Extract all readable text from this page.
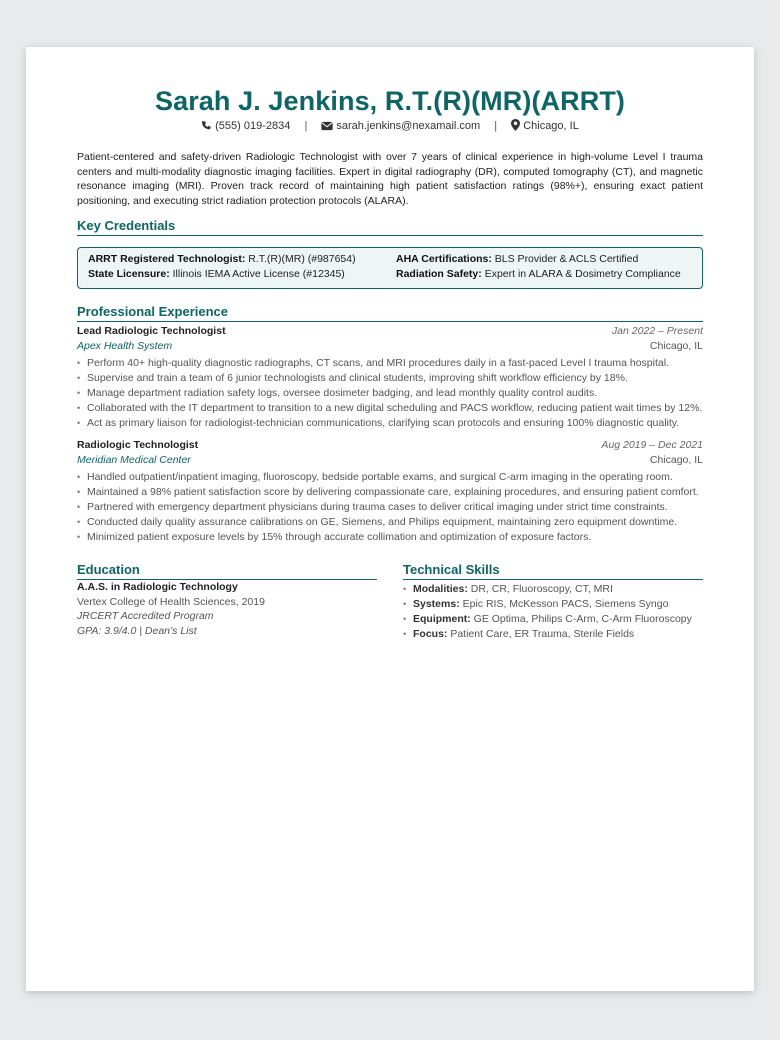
Sarah J. Jenkins, R.T.(R)(MR)(ARRT)
(555) 019-2834 |	sarah.jenkins@nexamail.com | Chicago, IL

Patient-centered and safety-driven Radiologic Technologist with over 7 years of clinical experience in high-volume Level I trauma centers and multi-modality diagnostic imaging facilities. Expert in digital radiography (DR), computed tomography (CT), and magnetic resonance imaging (MRI). Proven track record of maintaining high patient satisfaction ratings (98%+), ensuring exact patient positioning, and executing strict radiation protection protocols (ALARA).

Key Credentials
ARRT Registered Technologist: R.T.(R)(MR) (#987654)	AHA Certifications: BLS Provider & ACLS Certified
State Licensure: Illinois IEMA Active License (#12345)	Radiation Safety: Expert in ALARA & Dosimetry Compliance
Professional Experience
Lead Radiologic Technologist	Jan 2022 – Present
Apex Health System	Chicago, IL
• Perform 40+ high-quality diagnostic radiographs, CT scans, and MRI procedures daily in a fast-paced Level I trauma hospital.
• Supervise and train a team of 6 junior technologists and clinical students, improving shift workflow efficiency by 18%.
• Manage department radiation safety logs, oversee dosimeter badging, and lead monthly quality control audits.
• Collaborated with the IT department to transition to a new digital scheduling and PACS workflow, reducing patient wait times by 12%.
• Act as primary liaison for radiologist-technician communications, clarifying scan protocols and ensuring 100% diagnostic quality.
Radiologic Technologist	Aug 2019 – Dec 2021
Meridian Medical Center	Chicago, IL
• Handled outpatient/inpatient imaging, fluoroscopy, bedside portable exams, and surgical C-arm imaging in the operating room.
• Maintained a 98% patient satisfaction score by delivering compassionate care, explaining procedures, and ensuring patient comfort.
• Partnered with emergency department physicians during trauma cases to deliver critical imaging under strict time constraints.
• Conducted daily quality assurance calibrations on GE, Siemens, and Philips equipment, maintaining zero equipment downtime.
• Minimized patient exposure levels by 15% through accurate collimation and optimization of exposure factors.
Education
A.A.S. in Radiologic Technology
Vertex College of Health Sciences, 2019
JRCERT Accredited Program
GPA: 3.9/4.0 | Dean’s List
Technical Skills
• Modalities: DR, CR, Fluoroscopy, CT, MRI
• Systems: Epic RIS, McKesson PACS, Siemens Syngo
• Equipment: GE Optima, Philips C-Arm, C-Arm Fluoroscopy
• Focus: Patient Care, ER Trauma, Sterile Fields
